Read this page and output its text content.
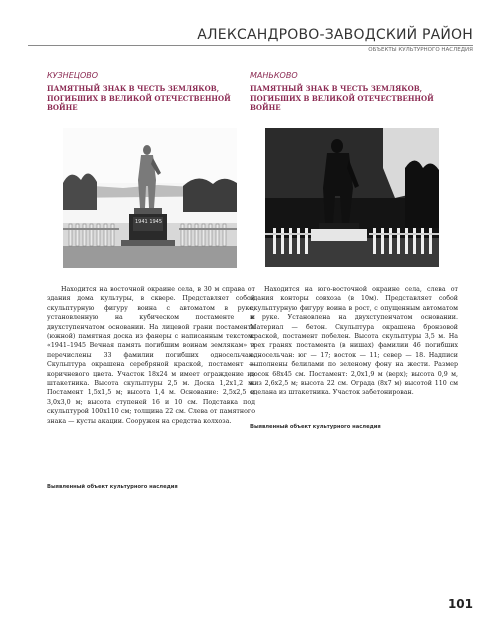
АЛЕКСАНДРОВО-ЗАВОДСКИЙ РАЙОН
ОБЪЕКТЫ КУЛЬТУРНОГО НАСЛЕДИЯ

КУЗНЕЦОВО

ПАМЯТНЫЙ ЗНАК В ЧЕСТЬ ЗЕМЛЯКОВ, ПОГИБШИХ В ВЕЛИКОЙ ОТЕЧЕСТВЕННОЙ ВОЙНЕ

МАНЬКОВО

ПАМЯТНЫЙ ЗНАК В ЧЕСТЬ ЗЕМЛЯКОВ, ПОГИБШИХ В ВЕЛИКОЙ ОТЕЧЕСТВЕННОЙ ВОЙНЕ

1941 1945

Находится на восточной окраине села, в 30 м справа от здания дома культуры, в сквере. Представляет собой скульптурную фигуру воина с автоматом в руке, установленную на кубическом постаменте и двухступенчатом основании. На лицевой грани постамента (южной) памятная доска из фанеры с написанным текстом: «1941–1945 Вечная память погибшим воинам землякам» и перечислены 33 фамилии погибших односельчан. Скульптура окрашена серебряной краской, постамент — коричневого цвета. Участок 18х24 м имеет ограждение из штакетника. Высота скульптуры 2,5 м. Доска 1,2х1,2 м. Постамент 1,5х1,5 м; высота 1,4 м. Основание: 2,5х2,5 и 3,0х3,0 м; высота ступеней 16 и 10 см. Подставка под скульптурой 100х110 см; толщина 22 см. Слева от памятного знака — кусты акации. Сооружен на средства колхоза.

Находится на юго-восточной окраине села, слева от здания конторы совхоза (в 10м). Представляет собой скульптурную фигуру воина в рост, с опущенным автоматом в руке. Установлена на двухступенчатом основании. Материал — бетон. Скульптура окрашена бронзовой краской, постамент побелен. Высота скульптуры 3,5 м. На трех гранях постамента (в нишах) фамилии 46 погибших односельчан: юг — 17; восток — 11; север — 18. Надписи выполнены белилами по зеленому фону на жести. Размер досок 68х45 см. Постамент: 2,0х1,9 м (верх); высота 0,9 м, низ 2,6х2,5 м; высота 22 см. Ограда (8х7 м) высотой 110 см сделана из штакетника. Участок забетонирован.

Выявленный объект культурного наследия
Выявленный объект культурного наследия
101
